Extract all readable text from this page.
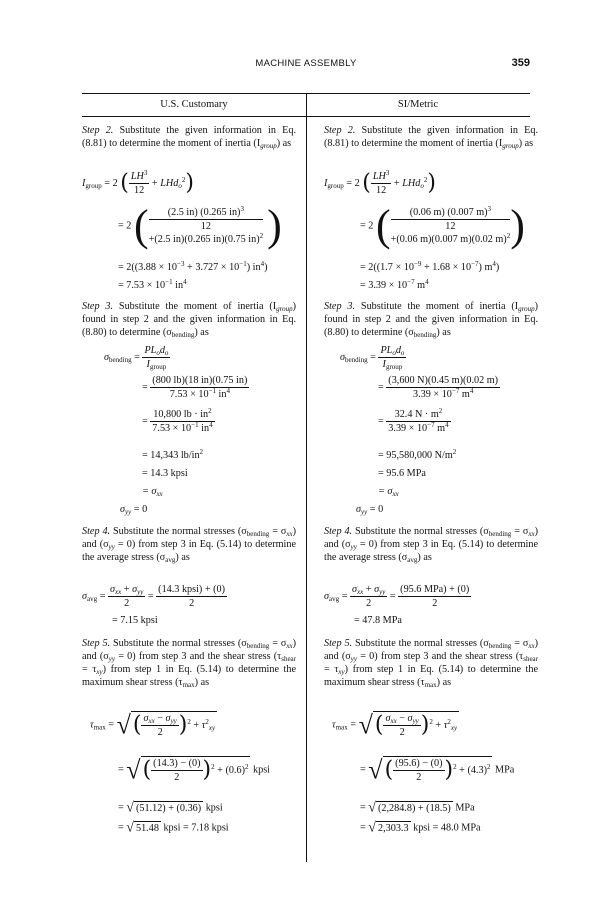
MACHINE ASSEMBLY	359
U.S. Customary	SI/Metric
Step 2. Substitute the given information in Eq. (8.81) to determine the moment of inertia $(I_{group})$ as
$I_{group} = 2$ ( $\frac{LH^3}{12} + LHd_o^2$)
= 2 (	(2.5 in) (0.265 in)$^3$
12
+(2.5 in)(0.265 in)(0.75 in)$^2$ )
= $2((3.88 \times 10^{-3} + 3.727 \times 10^{-1})$ $in^4$)
= $7.53 \times 10^{-1}$ $in^4$
Step 3. Substitute the moment of inertia $(I_{group})$ found in step 2 and the given information in Eq. (8.80) to determine $(\sigma_{bending})$ as
$\sigma_{bending} = \frac{PL_od_o}{I_{group}}$
= $\frac{(800 lb)(18 in)(0.75 in)}{7.53 \times 10^{-1} in^4}$
= $\frac{10,800 lb \cdot in^2}{7.53 \times 10^{-1} in^4}$
= 14,343 $lb/in^2$
= 14.3 kpsi
= $\sigma_{xx}$
$\sigma_{yy} = 0$
Step 4. Substitute the normal stresses $(\sigma_{bending} = \sigma_{xx})$ and $(\sigma_{yy} = 0)$ from step 3 in Eq. (5.14) to determine the average stress $(\sigma_{avg})$ as
$\sigma_{avg} = \frac{\sigma_{xx} + \sigma_{yy}}{2} = \frac{\text{(14.3 kpsi) + (0)}}{2}$
= 7.15 kpsi
Step 5. Substitute the normal stresses $(\sigma_{bending} = \sigma_{xx})$ and $(\sigma_{yy} = 0)$ from step 3 and the shear stress $(\tau_{shear} = \tau_{xy})$ from step 1 in Eq. (5.14) to determine the maximum shear stress $(\tau_{max})$ as
$\tau_{max}$ = √( $\frac{\sigma_{xx} - \sigma_{yy}}{2} )^2 + \tau^2_{xy}$
= √( $\frac{(14.3) - (0)}{2} )^2 + (0.6)^2$ kpsi
= √ (51.12) + (0.36) kpsi
= √ 51.48 kpsi = 7.18 kpsi
Step 2. Substitute the given information in Eq. (8.81) to determine the moment of inertia $(I_{group})$ as
$I_{group} = 2$ ( $\frac{LH^3}{12} + LHd_o^2$)
= 2 (	(0.06 m) (0.007 m)$^3$
12
+(0.06 m)(0.007 m)(0.02 m)$^2$ )
= $2((1.7 \times 10^{-9} + 1.68 \times 10^{-7})$ $m^4$)
= $3.39 \times 10^{-7}$ $m^4$
Step 3. Substitute the moment of inertia $(I_{group})$ found in step 2 and the given information in Eq. (8.80) to determine $(\sigma_{bending})$ as
$\sigma_{bending} = \frac{PL_od_o}{I_{group}}$
= $\frac{(3,600 N)(0.45 m)(0.02 m)}{3.39 \times 10^{-7} m^4}$
= $\frac{32.4 N \cdot m^2}{3.39 \times 10^{-7} m^4}$
= 95,580,000 $N/m^2$
= 95.6 MPa
= $\sigma_{xx}$
$\sigma_{yy} = 0$
Step 4. Substitute the normal stresses $(\sigma_{bending} = \sigma_{xx})$ and $(\sigma_{yy} = 0)$ from step 3 in Eq. (5.14) to determine the average stress $(\sigma_{avg})$ as
$\sigma_{avg} = \frac{\sigma_{xx} + \sigma_{yy}}{2} = \frac{\text{(95.6 MPa) + (0)}}{2}$
= 47.8 MPa
Step 5. Substitute the normal stresses $(\sigma_{bending} = \sigma_{xx})$ and $(\sigma_{yy} = 0)$ from step 3 and the shear stress $(\tau_{shear} = \tau_{xy})$ from step 1 in Eq. (5.14) to determine the maximum shear stress $(\tau_{max})$ as
$\tau_{max}$ = √( $\frac{\sigma_{xx} - \sigma_{yy}}{2} )^2 + \tau^2_{xy}$
= √( $\frac{(95.6) - (0)}{2} )^2 + (4.3)^2$ MPa
= √ (2,284.8) + (18.5) MPa
= √ 2,303.3 kpsi = 48.0 MPa
